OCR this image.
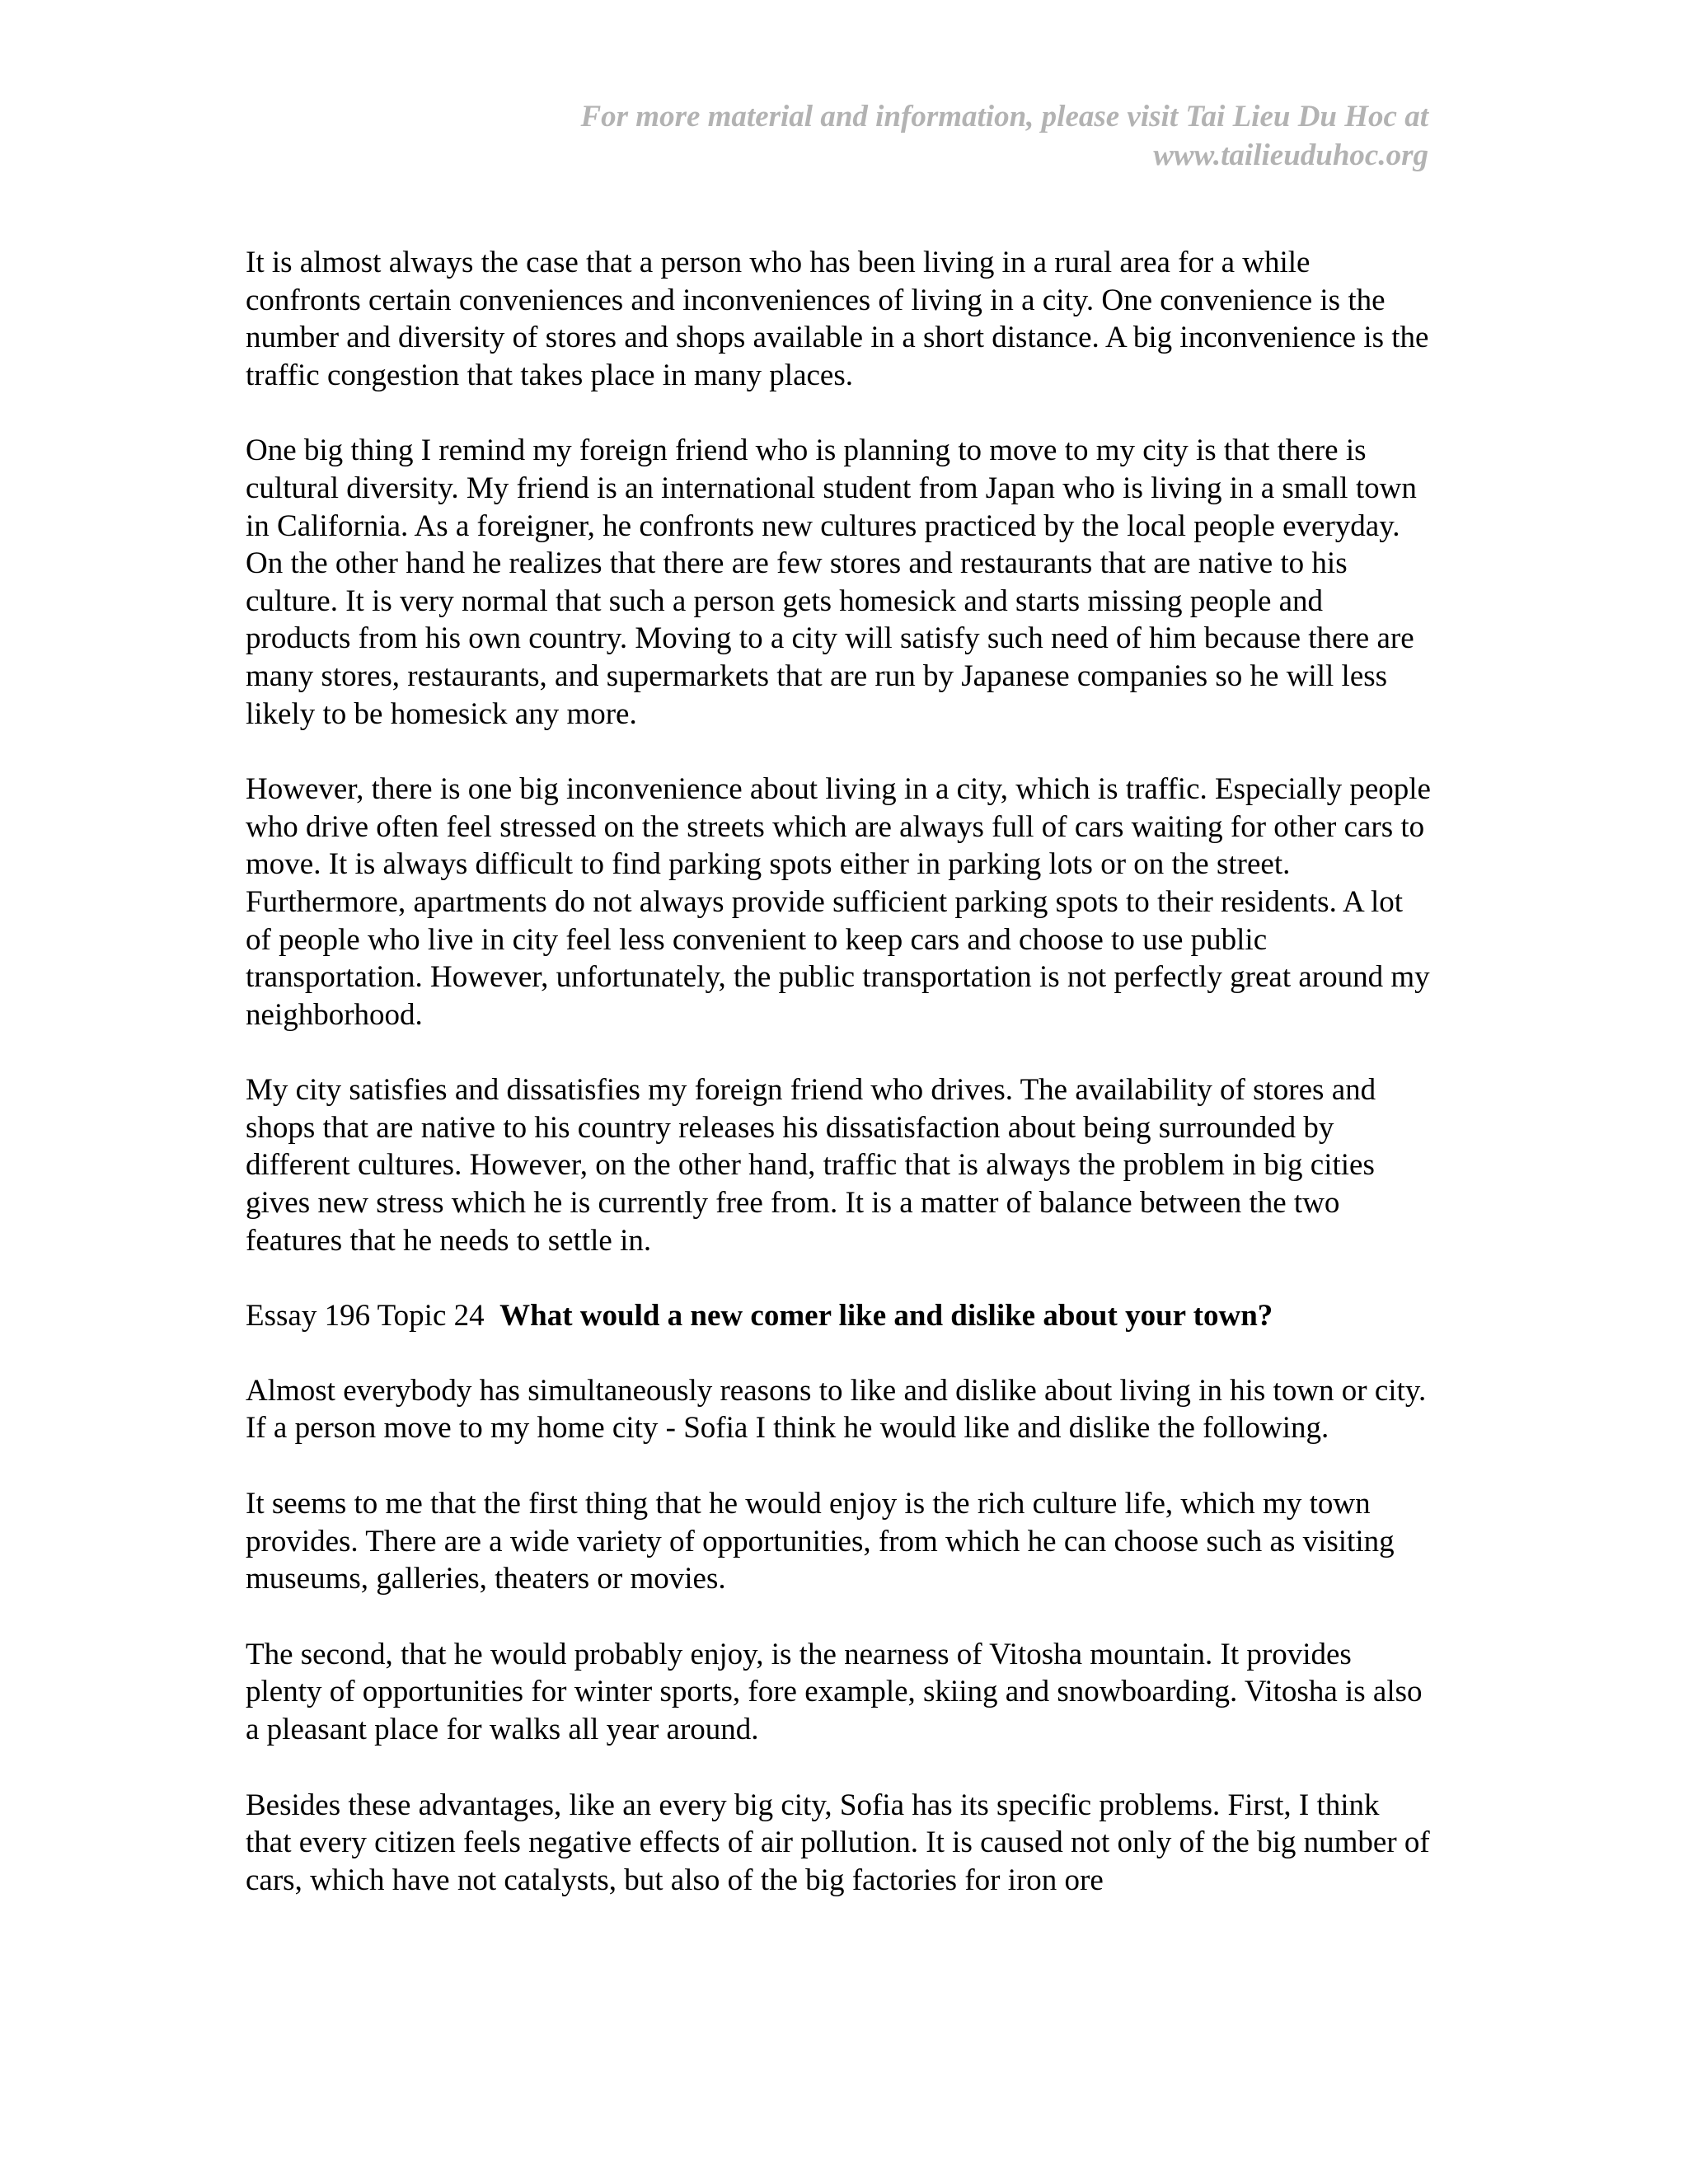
For more material and information, please visit Tai Lieu Du Hoc at
www.tailieuduhoc.org

It is almost always the case that a person who has been living in a rural area for a while confronts certain conveniences and inconveniences of living in a city. One convenience is the number and diversity of stores and shops available in a short distance. A big inconvenience is the traffic congestion that takes place in many places.

One big thing I remind my foreign friend who is planning to move to my city is that there is cultural diversity. My friend is an international student from Japan who is living in a small town in California. As a foreigner, he confronts new cultures practiced by the local people everyday. On the other hand he realizes that there are few stores and restaurants that are native to his culture. It is very normal that such a person gets homesick and starts missing people and products from his own country. Moving to a city will satisfy such need of him because there are many stores, restaurants, and supermarkets that are run by Japanese companies so he will less likely to be homesick any more.

However, there is one big inconvenience about living in a city, which is traffic. Especially people who drive often feel stressed on the streets which are always full of cars waiting for other cars to move. It is always difficult to find parking spots either in parking lots or on the street. Furthermore, apartments do not always provide sufficient parking spots to their residents. A lot of people who live in city feel less convenient to keep cars and choose to use public transportation. However, unfortunately, the public transportation is not perfectly great around my neighborhood.

My city satisfies and dissatisfies my foreign friend who drives. The availability of stores and shops that are native to his country releases his dissatisfaction about being surrounded by different cultures. However, on the other hand, traffic that is always the problem in big cities gives new stress which he is currently free from. It is a matter of balance between the two features that he needs to settle in.

Essay 196 Topic 24 What would a new comer like and dislike about your town?

Almost everybody has simultaneously reasons to like and dislike about living in his town or city. If a person move to my home city - Sofia I think he would like and dislike the following.

It seems to me that the first thing that he would enjoy is the rich culture life, which my town provides. There are a wide variety of opportunities, from which he can choose such as visiting museums, galleries, theaters or movies.

The second, that he would probably enjoy, is the nearness of Vitosha mountain. It provides plenty of opportunities for winter sports, fore example, skiing and snowboarding. Vitosha is also a pleasant place for walks all year around.

Besides these advantages, like an every big city, Sofia has its specific problems. First, I think that every citizen feels negative effects of air pollution. It is caused not only of the big number of cars, which have not catalysts, but also of the big factories for iron ore
